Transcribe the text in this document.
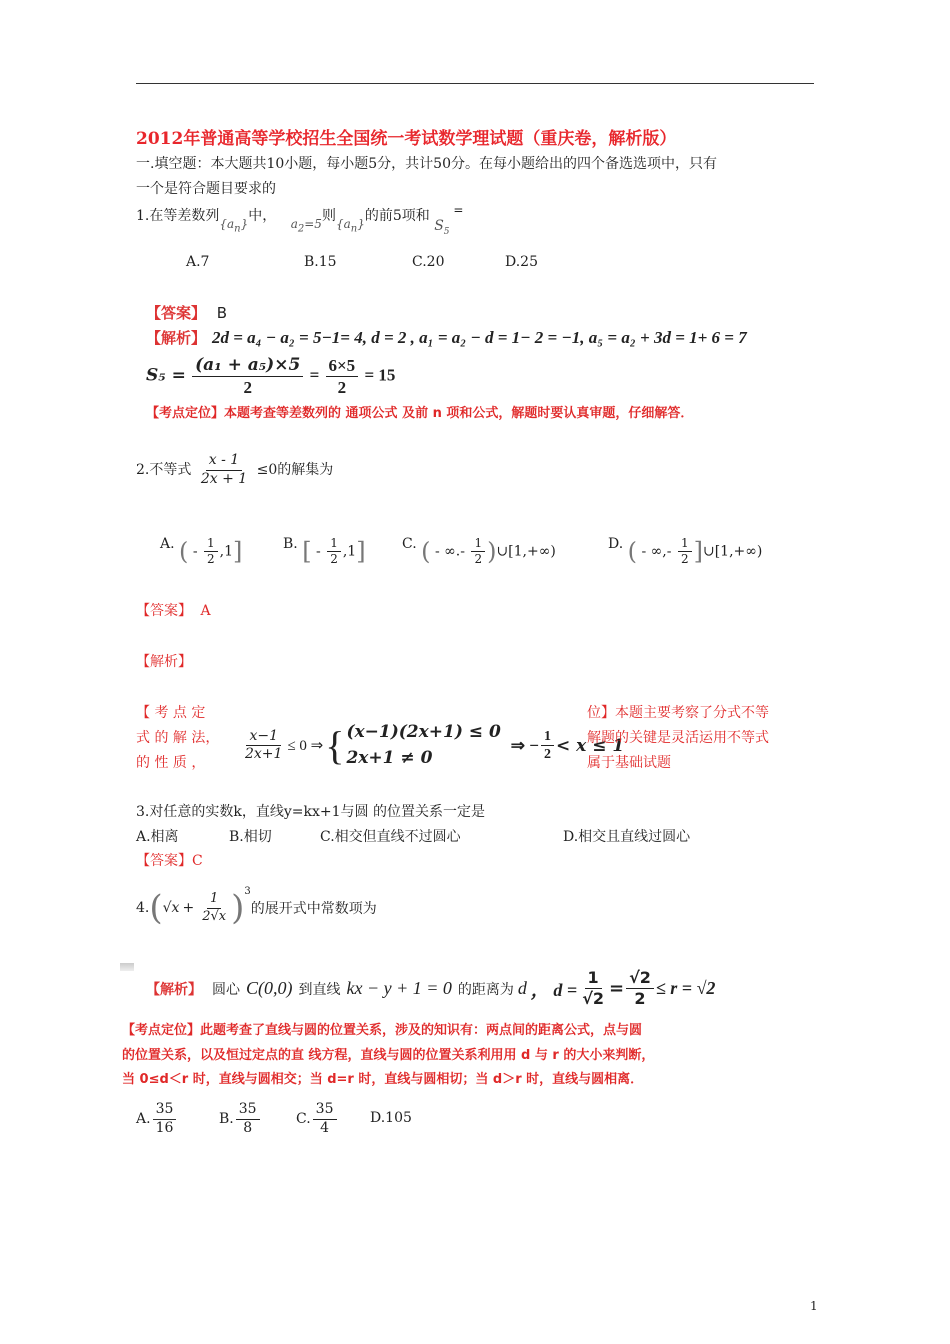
2012年普通高等学校招生全国统一考试数学理试题（重庆卷，解析版）
一.填空题：本大题共10小题，每小题5分，共计50分。在每小题给出的四个备选选项中，只有
一个是符合题目要求的
1.在等差数列$\{a_n\}$中， $a_2=5$则$\{a_n\}$的前5项和 $S_5$ =
A.7	B.15	C.20	D.25
【答案】 B
【解析】 2d = a₄ − a₂ = 5−1= 4, d = 2 , a₁ = a₂ − d = 1− 2 = −1, a₅ = a₂ + 3d = 1+ 6 = 7
$S_5 = \frac{\text{(a₁ + a₅)×5}}{2} = \frac{6\times 5}{2} = 15$
【考点定位】本题考查等差数列的 通项公式 及前 n 项和公式，解题时要认真审题，仔细解答．
2.不等式 $\frac{x - 1}{2x + 1} \le 0$的解集为
A. ( - $\frac{1}{2} ,1$]	B. [ - $\frac{1}{2} ,1$]	C. ( - ∞.- $\frac{1}{2}$ )∪[1,+∞)	D. ( - ∞,- $\frac{1}{2}$ ]∪[1,+∞)
【答案】 A
【解析】
【 考 点 定
式 的 解 法，
的 性 质 ，	$\frac{x-1}{2x+1} \le 0$ ⇒ { (x−1)(2x+1) ≤ 0
2x+1 ≠ 0
⇒ − $\frac{1}{2} < x \le 1$
位】本题主要考察了分式不等
解题的关键是灵活运用不等式
属于基础试题
3.对任意的实数k，直线y=kx+1与圆 的位置关系一定是
A.相离	B.相切	C.相交但直线不过圆心	D.相交且直线过圆心
【答案】C
4. ( $√x + \frac{1}{2√x} )^3$
的展开式中常数项为
【解析】 圆心 C(0,0) 到直线 kx − y + 1 = 0 的距离为 d ， $d = \frac{1}{√2} = \frac{√2}{2} \le r = √2$
【考点定位】此题考查了直线与圆的位置关系，涉及的知识有：两点间的距离公式，点与圆
的位置关系，以及恒过定点的直 线方程，直线与圆的位置关系利用用 d 与 r 的大小来判断，
当 0≤d＜r 时，直线与圆相交；当 d=r 时，直线与圆相切；当 d＞r 时，直线与圆相离．
A. $\frac{35}{16}$	B. $\frac{35}{8}$	C. $\frac{35}{4} D.105$
1
